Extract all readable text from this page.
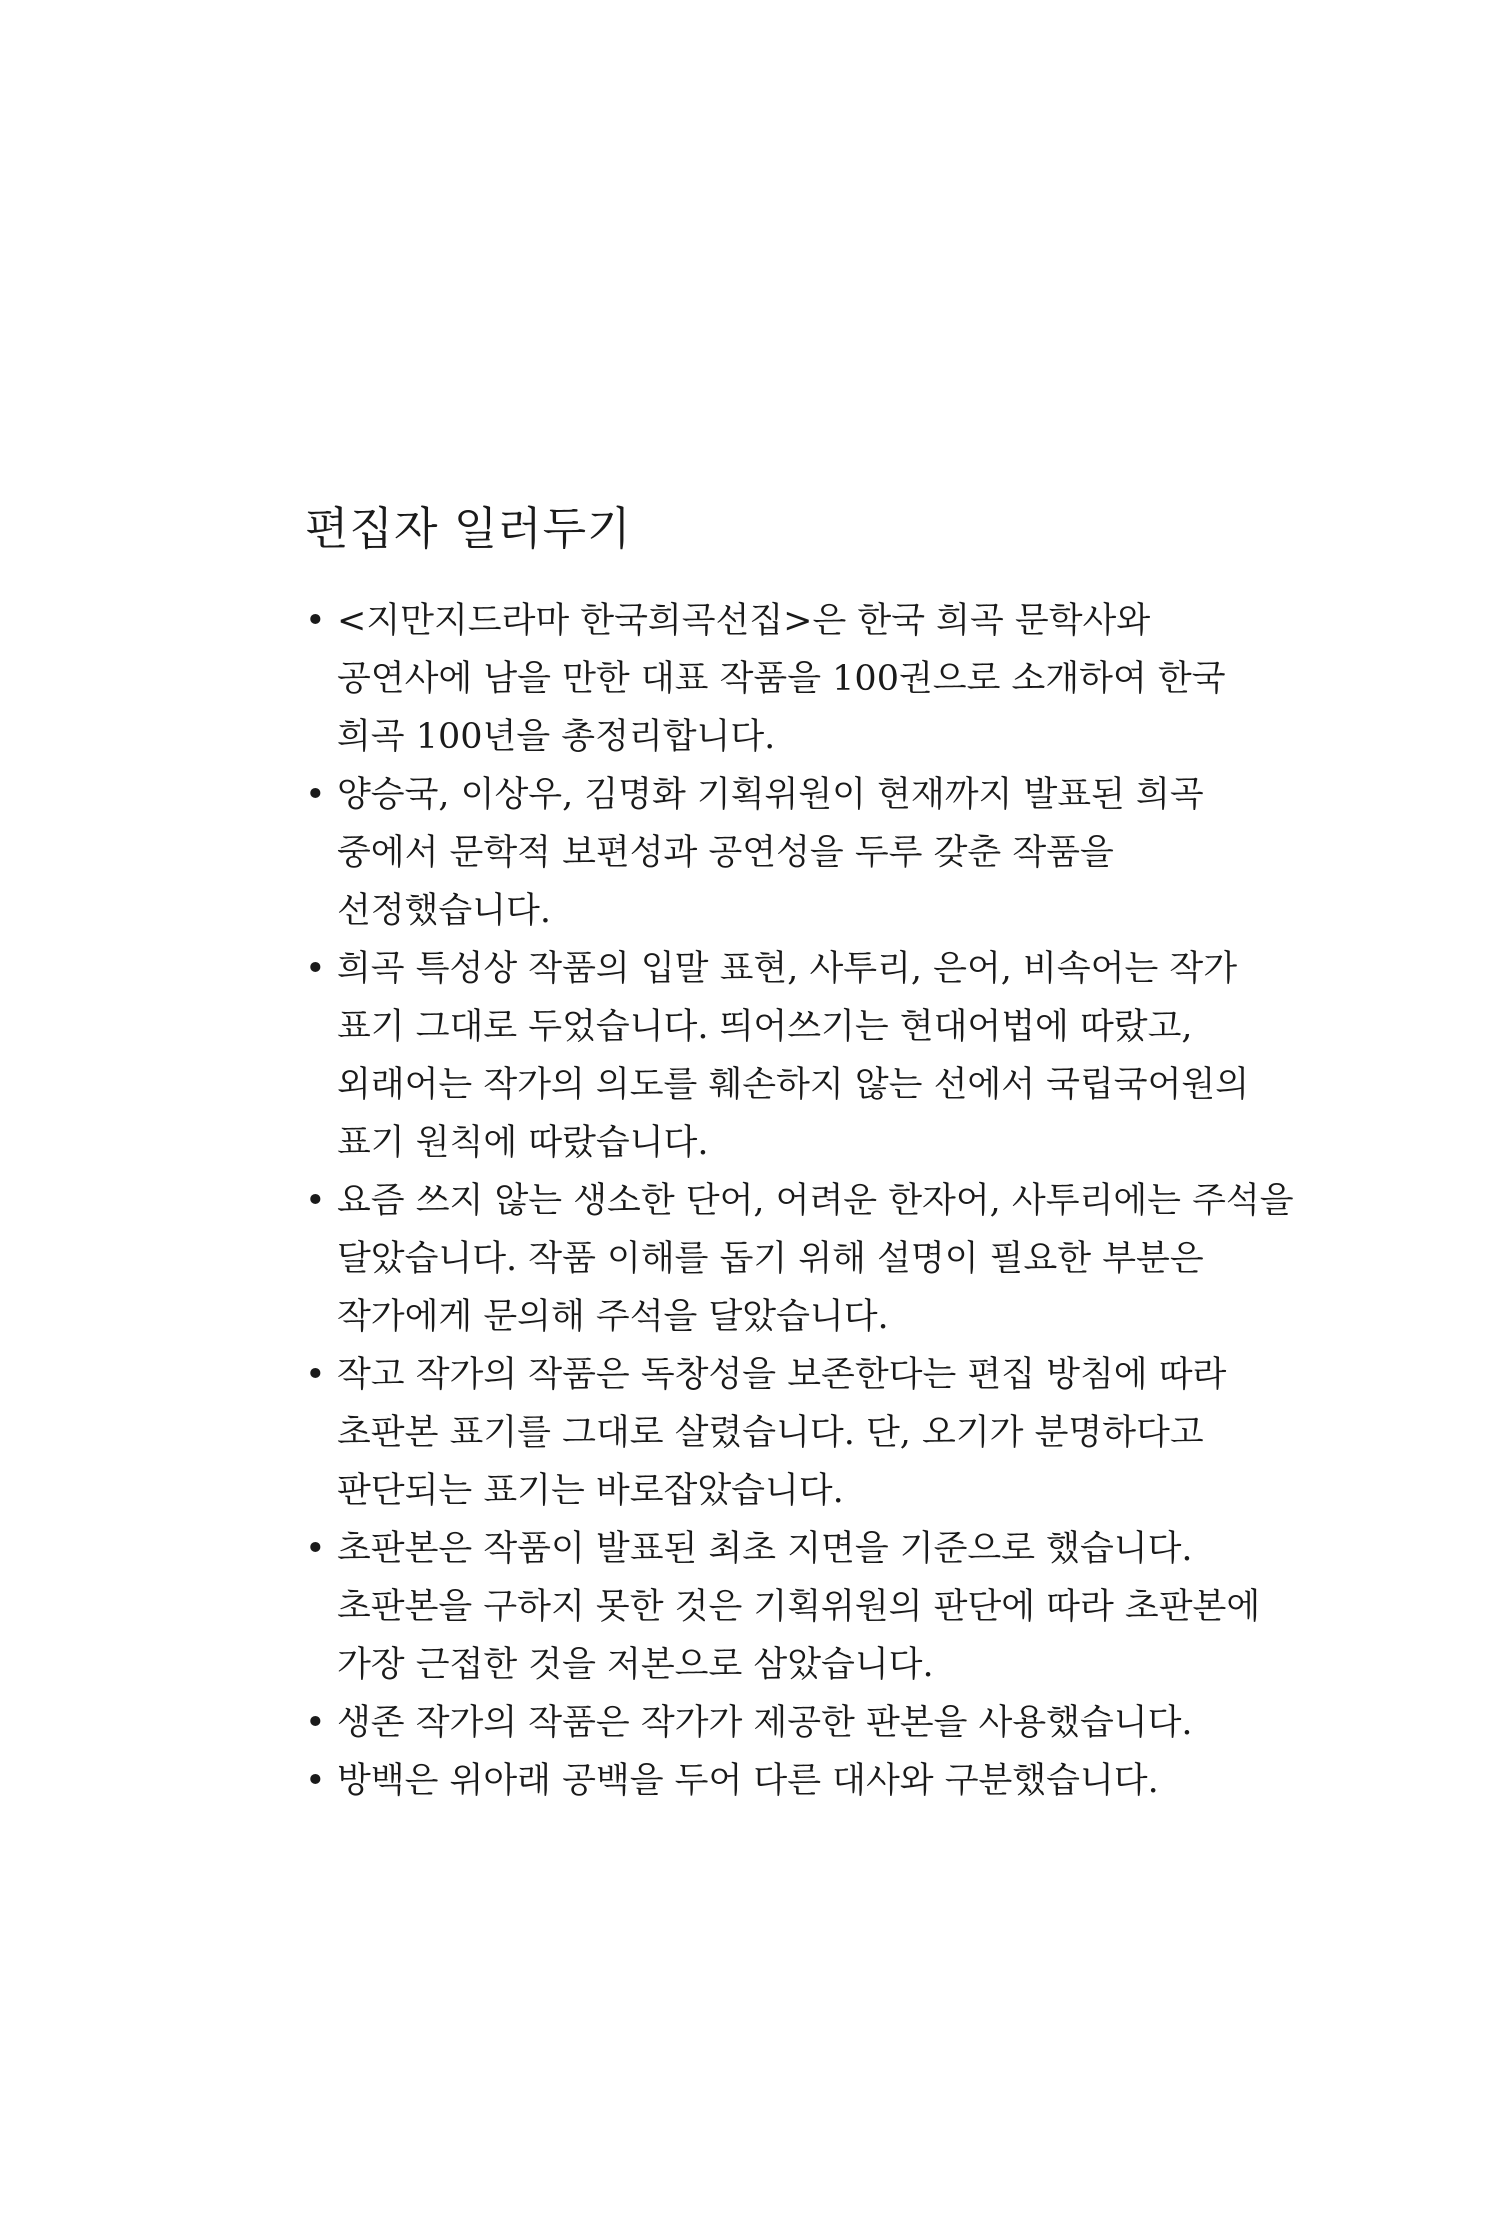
편집자 일러두기
• <지만지드라마 한국희곡선집>은 한국 희곡 문학사와
공연사에 남을 만한 대표 작품을 100권으로 소개하여 한국
희곡 100년을 총정리합니다.
• 양승국, 이상우, 김명화 기획위원이 현재까지 발표된 희곡
중에서 문학적 보편성과 공연성을 두루 갖춘 작품을
선정했습니다.
• 희곡 특성상 작품의 입말 표현, 사투리, 은어, 비속어는 작가
표기 그대로 두었습니다. 띄어쓰기는 현대어법에 따랐고,
외래어는 작가의 의도를 훼손하지 않는 선에서 국립국어원의
표기 원칙에 따랐습니다.
• 요즘 쓰지 않는 생소한 단어, 어려운 한자어, 사투리에는 주석을
달았습니다. 작품 이해를 돕기 위해 설명이 필요한 부분은
작가에게 문의해 주석을 달았습니다.
• 작고 작가의 작품은 독창성을 보존한다는 편집 방침에 따라
초판본 표기를 그대로 살렸습니다. 단, 오기가 분명하다고
판단되는 표기는 바로잡았습니다.
• 초판본은 작품이 발표된 최초 지면을 기준으로 했습니다.
초판본을 구하지 못한 것은 기획위원의 판단에 따라 초판본에
가장 근접한 것을 저본으로 삼았습니다.
• 생존 작가의 작품은 작가가 제공한 판본을 사용했습니다.
• 방백은 위아래 공백을 두어 다른 대사와 구분했습니다.
